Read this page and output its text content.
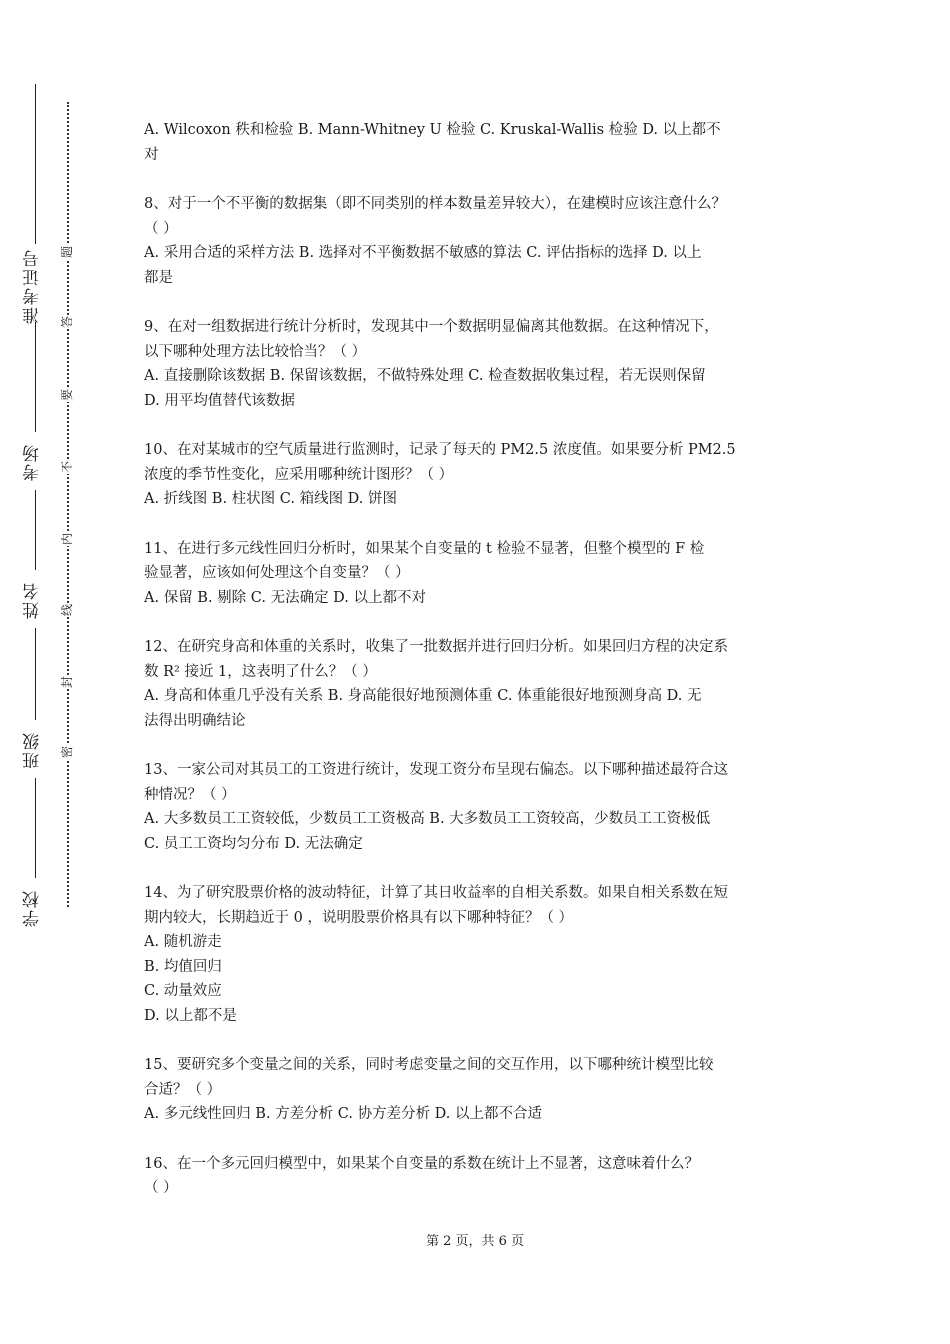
准考证号
考场
姓名
班级
学校
题
答
要
不
内
线
封
密
A. Wilcoxon 秩和检验 B. Mann-Whitney U 检验 C. Kruskal-Wallis 检验 D. 以上都不
对
8、对于一个不平衡的数据集（即不同类别的样本数量差异较大），在建模时应该注意什么？
（ ）
A. 采用合适的采样方法 B. 选择对不平衡数据不敏感的算法 C. 评估指标的选择 D. 以上
都是
9、在对一组数据进行统计分析时，发现其中一个数据明显偏离其他数据。在这种情况下，
以下哪种处理方法比较恰当？（ ）
A. 直接删除该数据 B. 保留该数据，不做特殊处理 C. 检查数据收集过程，若无误则保留
D. 用平均值替代该数据
10、在对某城市的空气质量进行监测时，记录了每天的 PM2.5 浓度值。如果要分析 PM2.5
浓度的季节性变化，应采用哪种统计图形？（ ）
A. 折线图 B. 柱状图 C. 箱线图 D. 饼图
11、在进行多元线性回归分析时，如果某个自变量的 t 检验不显著，但整个模型的 F 检
验显著，应该如何处理这个自变量？（ ）
A. 保留 B. 剔除 C. 无法确定 D. 以上都不对
12、在研究身高和体重的关系时，收集了一批数据并进行回归分析。如果回归方程的决定系
数 R² 接近 1，这表明了什么？（ ）
A. 身高和体重几乎没有关系 B. 身高能很好地预测体重 C. 体重能很好地预测身高 D. 无
法得出明确结论
13、一家公司对其员工的工资进行统计，发现工资分布呈现右偏态。以下哪种描述最符合这
种情况？（ ）
A. 大多数员工工资较低，少数员工工资极高 B. 大多数员工工资较高，少数员工工资极低
C. 员工工资均匀分布 D. 无法确定
14、为了研究股票价格的波动特征，计算了其日收益率的自相关系数。如果自相关系数在短
期内较大，长期趋近于 0 ，说明股票价格具有以下哪种特征？（ ）
A. 随机游走
B. 均值回归
C. 动量效应
D. 以上都不是
15、要研究多个变量之间的关系，同时考虑变量之间的交互作用，以下哪种统计模型比较
合适？（ ）
A. 多元线性回归 B. 方差分析 C. 协方差分析 D. 以上都不合适
16、在一个多元回归模型中，如果某个自变量的系数在统计上不显著，这意味着什么？
（ ）
第 2 页，共 6 页
